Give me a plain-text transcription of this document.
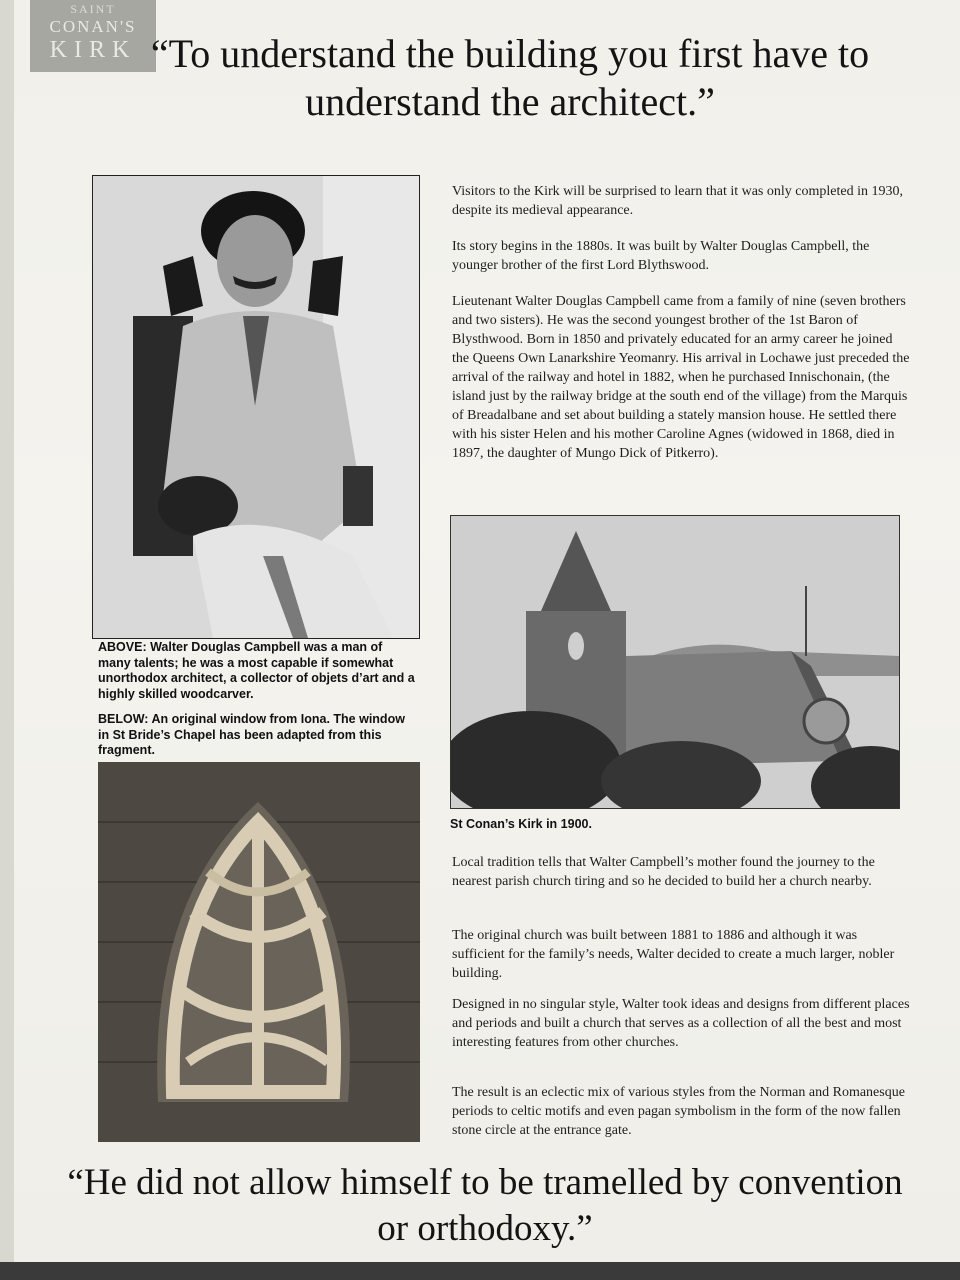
SAINT
CONAN'S
KIRK “To understand the building you first have to understand the architect.”

ABOVE: Walter Douglas Campbell was a man of many talents; he was a most capable if somewhat unorthodox architect, a collector of objets d’art and a highly skilled woodcarver.

BELOW: An original window from Iona. The window in St Bride’s Chapel has been adapted from this fragment.

Visitors to the Kirk will be surprised to learn that it was only completed in 1930, despite its medieval appearance.

Its story begins in the 1880s. It was built by Walter Douglas Campbell, the younger brother of the first Lord Blythswood.

Lieutenant Walter Douglas Campbell came from a family of nine (seven brothers and two sisters). He was the second youngest brother of the 1st Baron of Blysthwood. Born in 1850 and privately educated for an army career he joined the Queens Own Lanarkshire Yeomanry. His arrival in Lochawe just preceded the arrival of the railway and hotel in 1882, when he purchased Innischonain, (the island just by the railway bridge at the south end of the village) from the Marquis of Breadalbane and set about building a stately mansion house. He settled there with his sister Helen and his mother Caroline Agnes (widowed in 1868, died in 1897, the daughter of Mungo Dick of Pitkerro).

St Conan’s Kirk in 1900.

Local tradition tells that Walter Campbell’s mother found the journey to the nearest parish church tiring and so he decided to build her a church nearby.

The original church was built between 1881 to 1886 and although it was sufficient for the family’s needs, Walter decided to create a much larger, nobler building.

Designed in no singular style, Walter took ideas and designs from different places and periods and built a church that serves as a collection of all the best and most interesting features from other churches.

The result is an eclectic mix of various styles from the Norman and Romanesque periods to celtic motifs and even pagan symbolism in the form of the now fallen stone circle at the entrance gate.

“He did not allow himself to be tramelled by convention or orthodoxy.”
